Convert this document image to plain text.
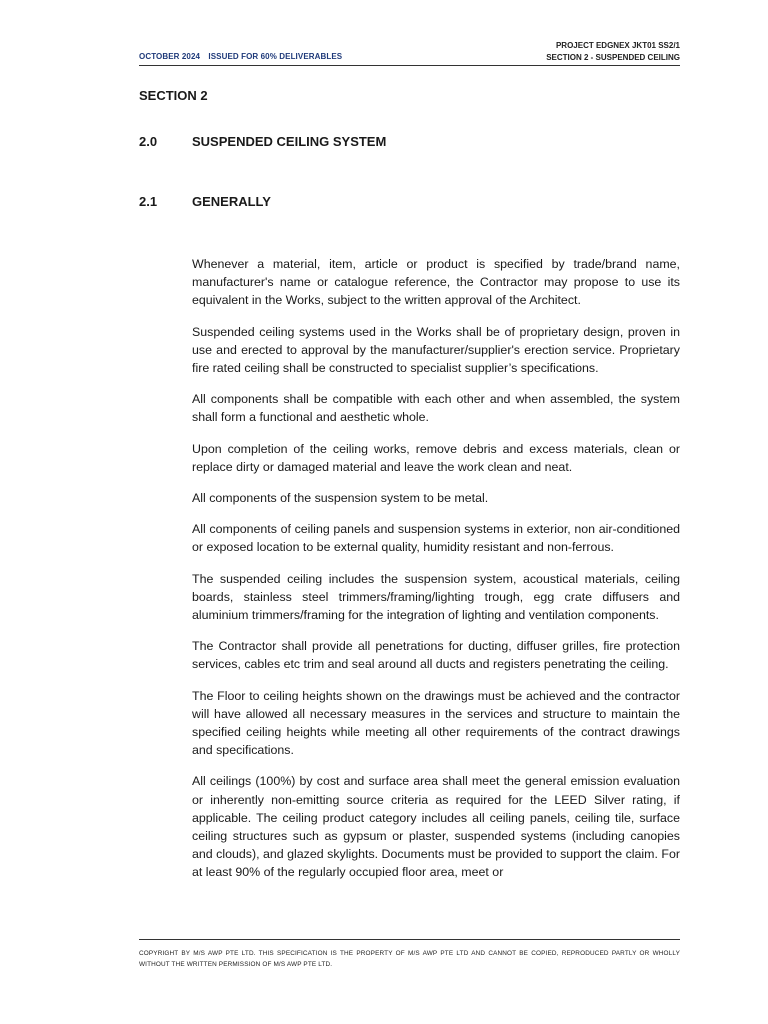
OCTOBER 2024 ISSUED FOR 60% DELIVERABLES
PROJECT EDGNEX JKT01 SS2/1
SECTION 2 - SUSPENDED CEILING
SECTION 2
2.0	SUSPENDED CEILING SYSTEM
2.1	GENERALLY

Whenever a material, item, article or product is specified by trade/brand name, manufacturer's name or catalogue reference, the Contractor may propose to use its equivalent in the Works, subject to the written approval of the Architect.

Suspended ceiling systems used in the Works shall be of proprietary design, proven in use and erected to approval by the manufacturer/supplier's erection service. Proprietary fire rated ceiling shall be constructed to specialist supplier’s specifications.

All components shall be compatible with each other and when assembled, the system shall form a functional and aesthetic whole.

Upon completion of the ceiling works, remove debris and excess materials, clean or replace dirty or damaged material and leave the work clean and neat.

All components of the suspension system to be metal.

All components of ceiling panels and suspension systems in exterior, non air-conditioned or exposed location to be external quality, humidity resistant and non-ferrous.

The suspended ceiling includes the suspension system, acoustical materials, ceiling boards, stainless steel trimmers/framing/lighting trough, egg crate diffusers and aluminium trimmers/framing for the integration of lighting and ventilation components.

The Contractor shall provide all penetrations for ducting, diffuser grilles, fire protection services, cables etc trim and seal around all ducts and registers penetrating the ceiling.

The Floor to ceiling heights shown on the drawings must be achieved and the contractor will have allowed all necessary measures in the services and structure to maintain the specified ceiling heights while meeting all other requirements of the contract drawings and specifications.

All ceilings (100%) by cost and surface area shall meet the general emission evaluation or inherently non-emitting source criteria as required for the LEED Silver rating, if applicable. The ceiling product category includes all ceiling panels, ceiling tile, surface ceiling structures such as gypsum or plaster, suspended systems (including canopies and clouds), and glazed skylights. Documents must be provided to support the claim. For at least 90% of the regularly occupied floor area, meet or

COPYRIGHT BY M/S AWP PTE LTD. THIS SPECIFICATION IS THE PROPERTY OF M/S AWP PTE LTD AND CANNOT BE COPIED, REPRODUCED PARTLY OR WHOLLY WITHOUT THE WRITTEN PERMISSION OF M/S AWP PTE LTD.
